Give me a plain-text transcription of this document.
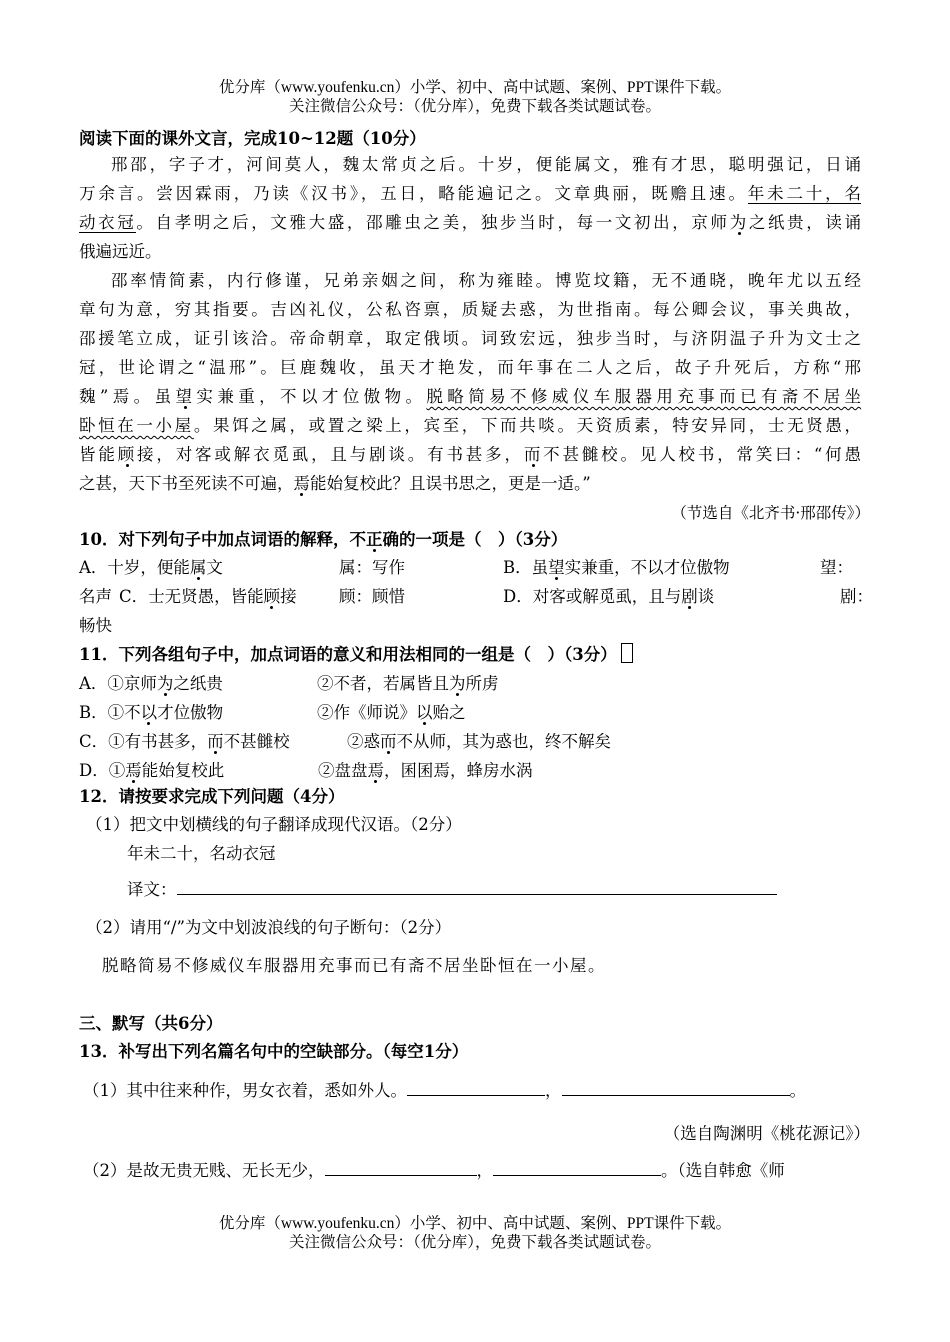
优分库（www.youfenku.cn）小学、初中、高中试题、案例、PPT课件下载。
关注微信公众号：（优分库），免费下载各类试题试卷。
阅读下面的课外文言，完成10~12题（10分）
邢邵，字子才，河间莫人，魏太常贞之后。十岁，便能属文，雅有才思，聪明强记，日诵
万余言。尝因霖雨，乃读《汉书》，五日，略能遍记之。文章典丽，既赡且速。年未二十，名
动衣冠。自孝明之后，文雅大盛，邵雕虫之美，独步当时，每一文初出，京师为之纸贵，读诵
俄遍远近。
邵率情简素，内行修谨，兄弟亲姻之间，称为雍睦。博览坟籍，无不通晓，晚年尤以五经
章句为意，穷其指要。吉凶礼仪，公私咨禀，质疑去惑，为世指南。每公卿会议，事关典故，
邵援笔立成，证引该洽。帝命朝章，取定俄顷。词致宏远，独步当时，与济阴温子升为文士之
冠，世论谓之“温邢”。巨鹿魏收，虽天才艳发，而年事在二人之后，故子升死后，方称“邢
魏”焉。虽望实兼重，不以才位傲物。脱略简易不修威仪车服器用充事而已有斋不居坐
卧恒在一小屋。果饵之属，或置之梁上，宾至，下而共啖。天资质素，特安异同，士无贤愚，
皆能顾接，对客或解衣觅虱，且与剧谈。有书甚多，而不甚雠校。见人校书，常笑曰：“何愚
之甚，天下书至死读不可遍，焉能始复校此？且误书思之，更是一适。”
（节选自《北齐书·邢邵传》）
10．对下列句子中加点词语的解释，不正确的一项是（　）（3分）
A．十岁，便能属文	属：写作	B．虽望实兼重，不以才位傲物	望：
名声 C．士无贤愚，皆能顾接	顾：顾惜	D．对客或解觅虱，且与剧谈	剧：
畅快
11．下列各组句子中，加点词语的意义和用法相同的一组是（　）（3分）
A．①京师为之纸贵	②不者，若属皆且为所虏
B．①不以才位傲物	②作《师说》以贻之
C．①有书甚多，而不甚雠校	②惑而不从师，其为惑也，终不解矣
D．①焉能始复校此	②盘盘焉，囷囷焉，蜂房水涡
12．请按要求完成下列问题（4分）
（1）把文中划横线的句子翻译成现代汉语。（2分）
年未二十，名动衣冠
译文：
（2）请用“/”为文中划波浪线的句子断句：（2分）
脱略简易不修威仪车服器用充事而已有斋不居坐卧恒在一小屋。
三、默写（共6分）
13．补写出下列名篇名句中的空缺部分。（每空1分）
（1）其中往来种作，男女衣着，悉如外人。	，	。
（选自陶渊明《桃花源记》）
（2）是故无贵无贱、无长无少，	，	。（选自韩愈《师
优分库（www.youfenku.cn）小学、初中、高中试题、案例、PPT课件下载。
关注微信公众号：（优分库），免费下载各类试题试卷。
